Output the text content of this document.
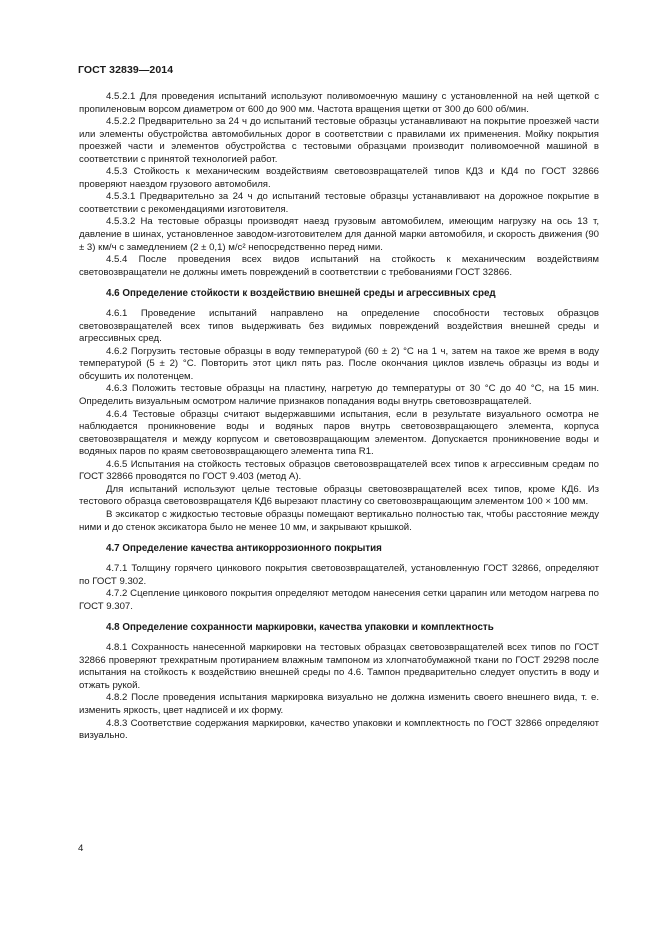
ГОСТ 32839—2014

4.5.2.1 Для проведения испытаний используют поливомоечную машину с установленной на ней щеткой с пропиленовым ворсом диаметром от 600 до 900 мм. Частота вращения щетки от 300 до 600 об/мин.

4.5.2.2 Предварительно за 24 ч до испытаний тестовые образцы устанавливают на покрытие проезжей части или элементы обустройства автомобильных дорог в соответствии с правилами их применения. Мойку покрытия проезжей части и элементов обустройства с тестовыми образцами производит поливомоечной машиной в соответствии с принятой технологией работ.

4.5.3 Стойкость к механическим воздействиям световозвращателей типов КД3 и КД4 по ГОСТ 32866 проверяют наездом грузового автомобиля.

4.5.3.1 Предварительно за 24 ч до испытаний тестовые образцы устанавливают на дорожное покрытие в соответствии с рекомендациями изготовителя.

4.5.3.2 На тестовые образцы производят наезд грузовым автомобилем, имеющим нагрузку на ось 13 т, давление в шинах, установленное заводом-изготовителем для данной марки автомобиля, и скорость движения (90 ± 3) км/ч с замедлением (2 ± 0,1) м/с² непосредственно перед ними.

4.5.4 После проведения всех видов испытаний на стойкость к механическим воздействиям световозвращатели не должны иметь повреждений в соответствии с требованиями ГОСТ 32866.

4.6 Определение стойкости к воздействию внешней среды и агрессивных сред

4.6.1 Проведение испытаний направлено на определение способности тестовых образцов световозвращателей всех типов выдерживать без видимых повреждений воздействия внешней среды и агрессивных сред.

4.6.2 Погрузить тестовые образцы в воду температурой (60 ± 2) °С на 1 ч, затем на такое же время в воду температурой (5 ± 2) °С. Повторить этот цикл пять раз. После окончания циклов извлечь образцы из воды и обсушить их полотенцем.

4.6.3 Положить тестовые образцы на пластину, нагретую до температуры от 30 °С до 40 °С, на 15 мин. Определить визуальным осмотром наличие признаков попадания воды внутрь световозвращателей.

4.6.4 Тестовые образцы считают выдержавшими испытания, если в результате визуального осмотра не наблюдается проникновение воды и водяных паров внутрь световозвращающего элемента, корпуса световозвращателя и между корпусом и световозвращающим элементом. Допускается проникновение воды и водяных паров по краям световозвращающего элемента типа R1.

4.6.5 Испытания на стойкость тестовых образцов световозвращателей всех типов к агрессивным средам по ГОСТ 32866 проводятся по ГОСТ 9.403 (метод А).

Для испытаний используют целые тестовые образцы световозвращателей всех типов, кроме КД6. Из тестового образца световозвращателя КД6 вырезают пластину со световозвращающим элементом 100 × 100 мм.

В эксикатор с жидкостью тестовые образцы помещают вертикально полностью так, чтобы расстояние между ними и до стенок эксикатора было не менее 10 мм, и закрывают крышкой.

4.7 Определение качества антикоррозионного покрытия

4.7.1 Толщину горячего цинкового покрытия световозвращателей, установленную ГОСТ 32866, определяют по ГОСТ 9.302.

4.7.2 Сцепление цинкового покрытия определяют методом нанесения сетки царапин или методом нагрева по ГОСТ 9.307.

4.8 Определение сохранности маркировки, качества упаковки и комплектность

4.8.1 Сохранность нанесенной маркировки на тестовых образцах световозвращателей всех типов по ГОСТ 32866 проверяют трехкратным протиранием влажным тампоном из хлопчатобумажной ткани по ГОСТ 29298 после испытания на стойкость к воздействию внешней среды по 4.6. Тампон предварительно следует опустить в воду и отжать рукой.

4.8.2 После проведения испытания маркировка визуально не должна изменить своего внешнего вида, т. е. изменить яркость, цвет надписей и их форму.

4.8.3 Соответствие содержания маркировки, качество упаковки и комплектность по ГОСТ 32866 определяют визуально.

4
